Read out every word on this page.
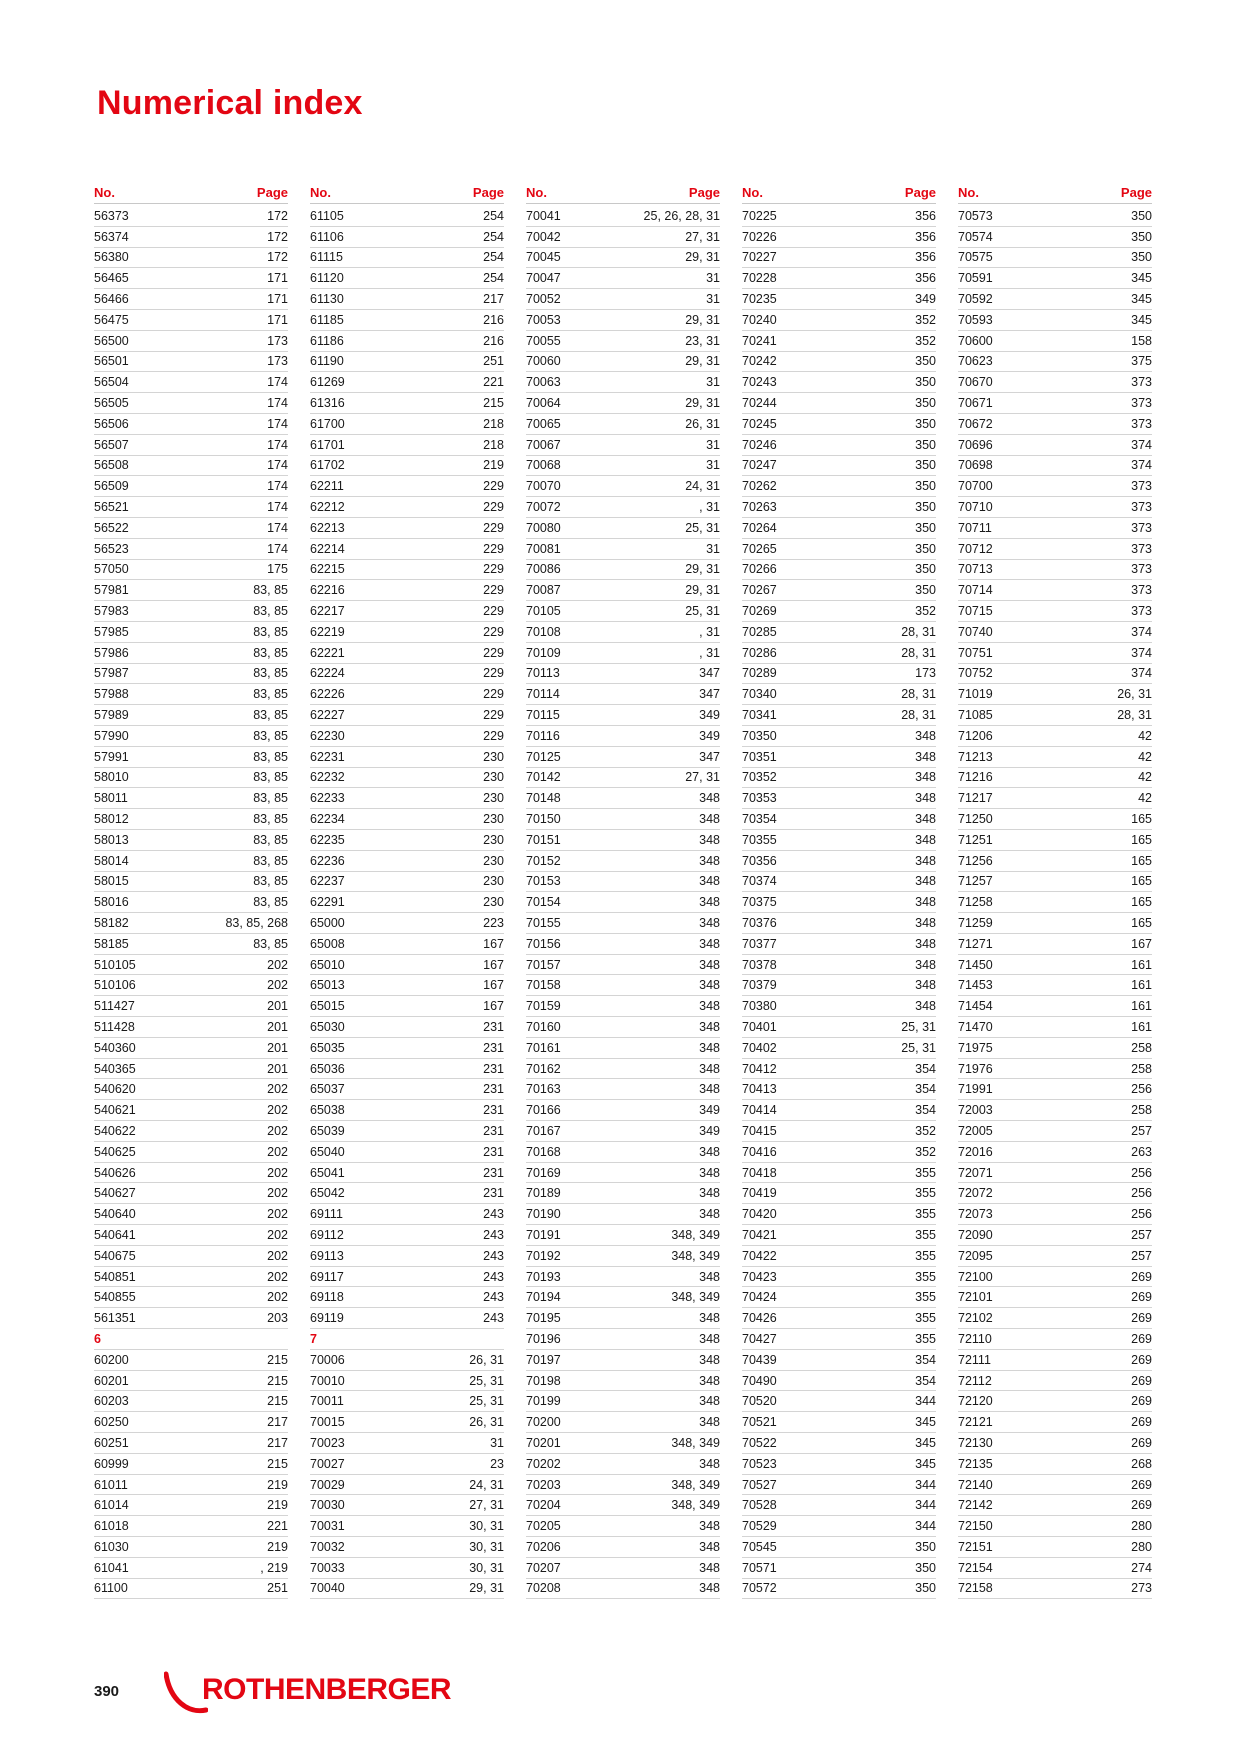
Numerical index
No.	Page
56373	172
56374	172
56380	172
56465	171
56466	171
56475	171
56500	173
56501	173
56504	174
56505	174
56506	174
56507	174
56508	174
56509	174
56521	174
56522	174
56523	174
57050	175
57981	83, 85
57983	83, 85
57985	83, 85
57986	83, 85
57987	83, 85
57988	83, 85
57989	83, 85
57990	83, 85
57991	83, 85
58010	83, 85
58011	83, 85
58012	83, 85
58013	83, 85
58014	83, 85
58015	83, 85
58016	83, 85
58182	83, 85, 268
58185	83, 85
510105	202
510106	202
511427	201
511428	201
540360	201
540365	201
540620	202
540621	202
540622	202
540625	202
540626	202
540627	202
540640	202
540641	202
540675	202
540851	202
540855	202
561351	203
6
60200	215
60201	215
60203	215
60250	217
60251	217
60999	215
61011	219
61014	219
61018	221
61030	219
61041	, 219
61100	251
No.	Page
61105	254
61106	254
61115	254
61120	254
61130	217
61185	216
61186	216
61190	251
61269	221
61316	215
61700	218
61701	218
61702	219
62211	229
62212	229
62213	229
62214	229
62215	229
62216	229
62217	229
62219	229
62221	229
62224	229
62226	229
62227	229
62230	229
62231	230
62232	230
62233	230
62234	230
62235	230
62236	230
62237	230
62291	230
65000	223
65008	167
65010	167
65013	167
65015	167
65030	231
65035	231
65036	231
65037	231
65038	231
65039	231
65040	231
65041	231
65042	231
69111	243
69112	243
69113	243
69117	243
69118	243
69119	243
7
70006	26, 31
70010	25, 31
70011	25, 31
70015	26, 31
70023	31
70027	23
70029	24, 31
70030	27, 31
70031	30, 31
70032	30, 31
70033	30, 31
70040	29, 31
No.	Page
70041	25, 26, 28, 31
70042	27, 31
70045	29, 31
70047	31
70052	31
70053	29, 31
70055	23, 31
70060	29, 31
70063	31
70064	29, 31
70065	26, 31
70067	31
70068	31
70070	24, 31
70072	, 31
70080	25, 31
70081	31
70086	29, 31
70087	29, 31
70105	25, 31
70108	, 31
70109	, 31
70113	347
70114	347
70115	349
70116	349
70125	347
70142	27, 31
70148	348
70150	348
70151	348
70152	348
70153	348
70154	348
70155	348
70156	348
70157	348
70158	348
70159	348
70160	348
70161	348
70162	348
70163	348
70166	349
70167	349
70168	348
70169	348
70189	348
70190	348
70191	348, 349
70192	348, 349
70193	348
70194	348, 349
70195	348
70196	348
70197	348
70198	348
70199	348
70200	348
70201	348, 349
70202	348
70203	348, 349
70204	348, 349
70205	348
70206	348
70207	348
70208	348
No.	Page
70225	356
70226	356
70227	356
70228	356
70235	349
70240	352
70241	352
70242	350
70243	350
70244	350
70245	350
70246	350
70247	350
70262	350
70263	350
70264	350
70265	350
70266	350
70267	350
70269	352
70285	28, 31
70286	28, 31
70289	173
70340	28, 31
70341	28, 31
70350	348
70351	348
70352	348
70353	348
70354	348
70355	348
70356	348
70374	348
70375	348
70376	348
70377	348
70378	348
70379	348
70380	348
70401	25, 31
70402	25, 31
70412	354
70413	354
70414	354
70415	352
70416	352
70418	355
70419	355
70420	355
70421	355
70422	355
70423	355
70424	355
70426	355
70427	355
70439	354
70490	354
70520	344
70521	345
70522	345
70523	345
70527	344
70528	344
70529	344
70545	350
70571	350
70572	350
No.	Page
70573	350
70574	350
70575	350
70591	345
70592	345
70593	345
70600	158
70623	375
70670	373
70671	373
70672	373
70696	374
70698	374
70700	373
70710	373
70711	373
70712	373
70713	373
70714	373
70715	373
70740	374
70751	374
70752	374
71019	26, 31
71085	28, 31
71206	42
71213	42
71216	42
71217	42
71250	165
71251	165
71256	165
71257	165
71258	165
71259	165
71271	167
71450	161
71453	161
71454	161
71470	161
71975	258
71976	258
71991	256
72003	258
72005	257
72016	263
72071	256
72072	256
72073	256
72090	257
72095	257
72100	269
72101	269
72102	269
72110	269
72111	269
72112	269
72120	269
72121	269
72130	269
72135	268
72140	269
72142	269
72150	280
72151	280
72154	274
72158	273
390	ROTHENBERGER
